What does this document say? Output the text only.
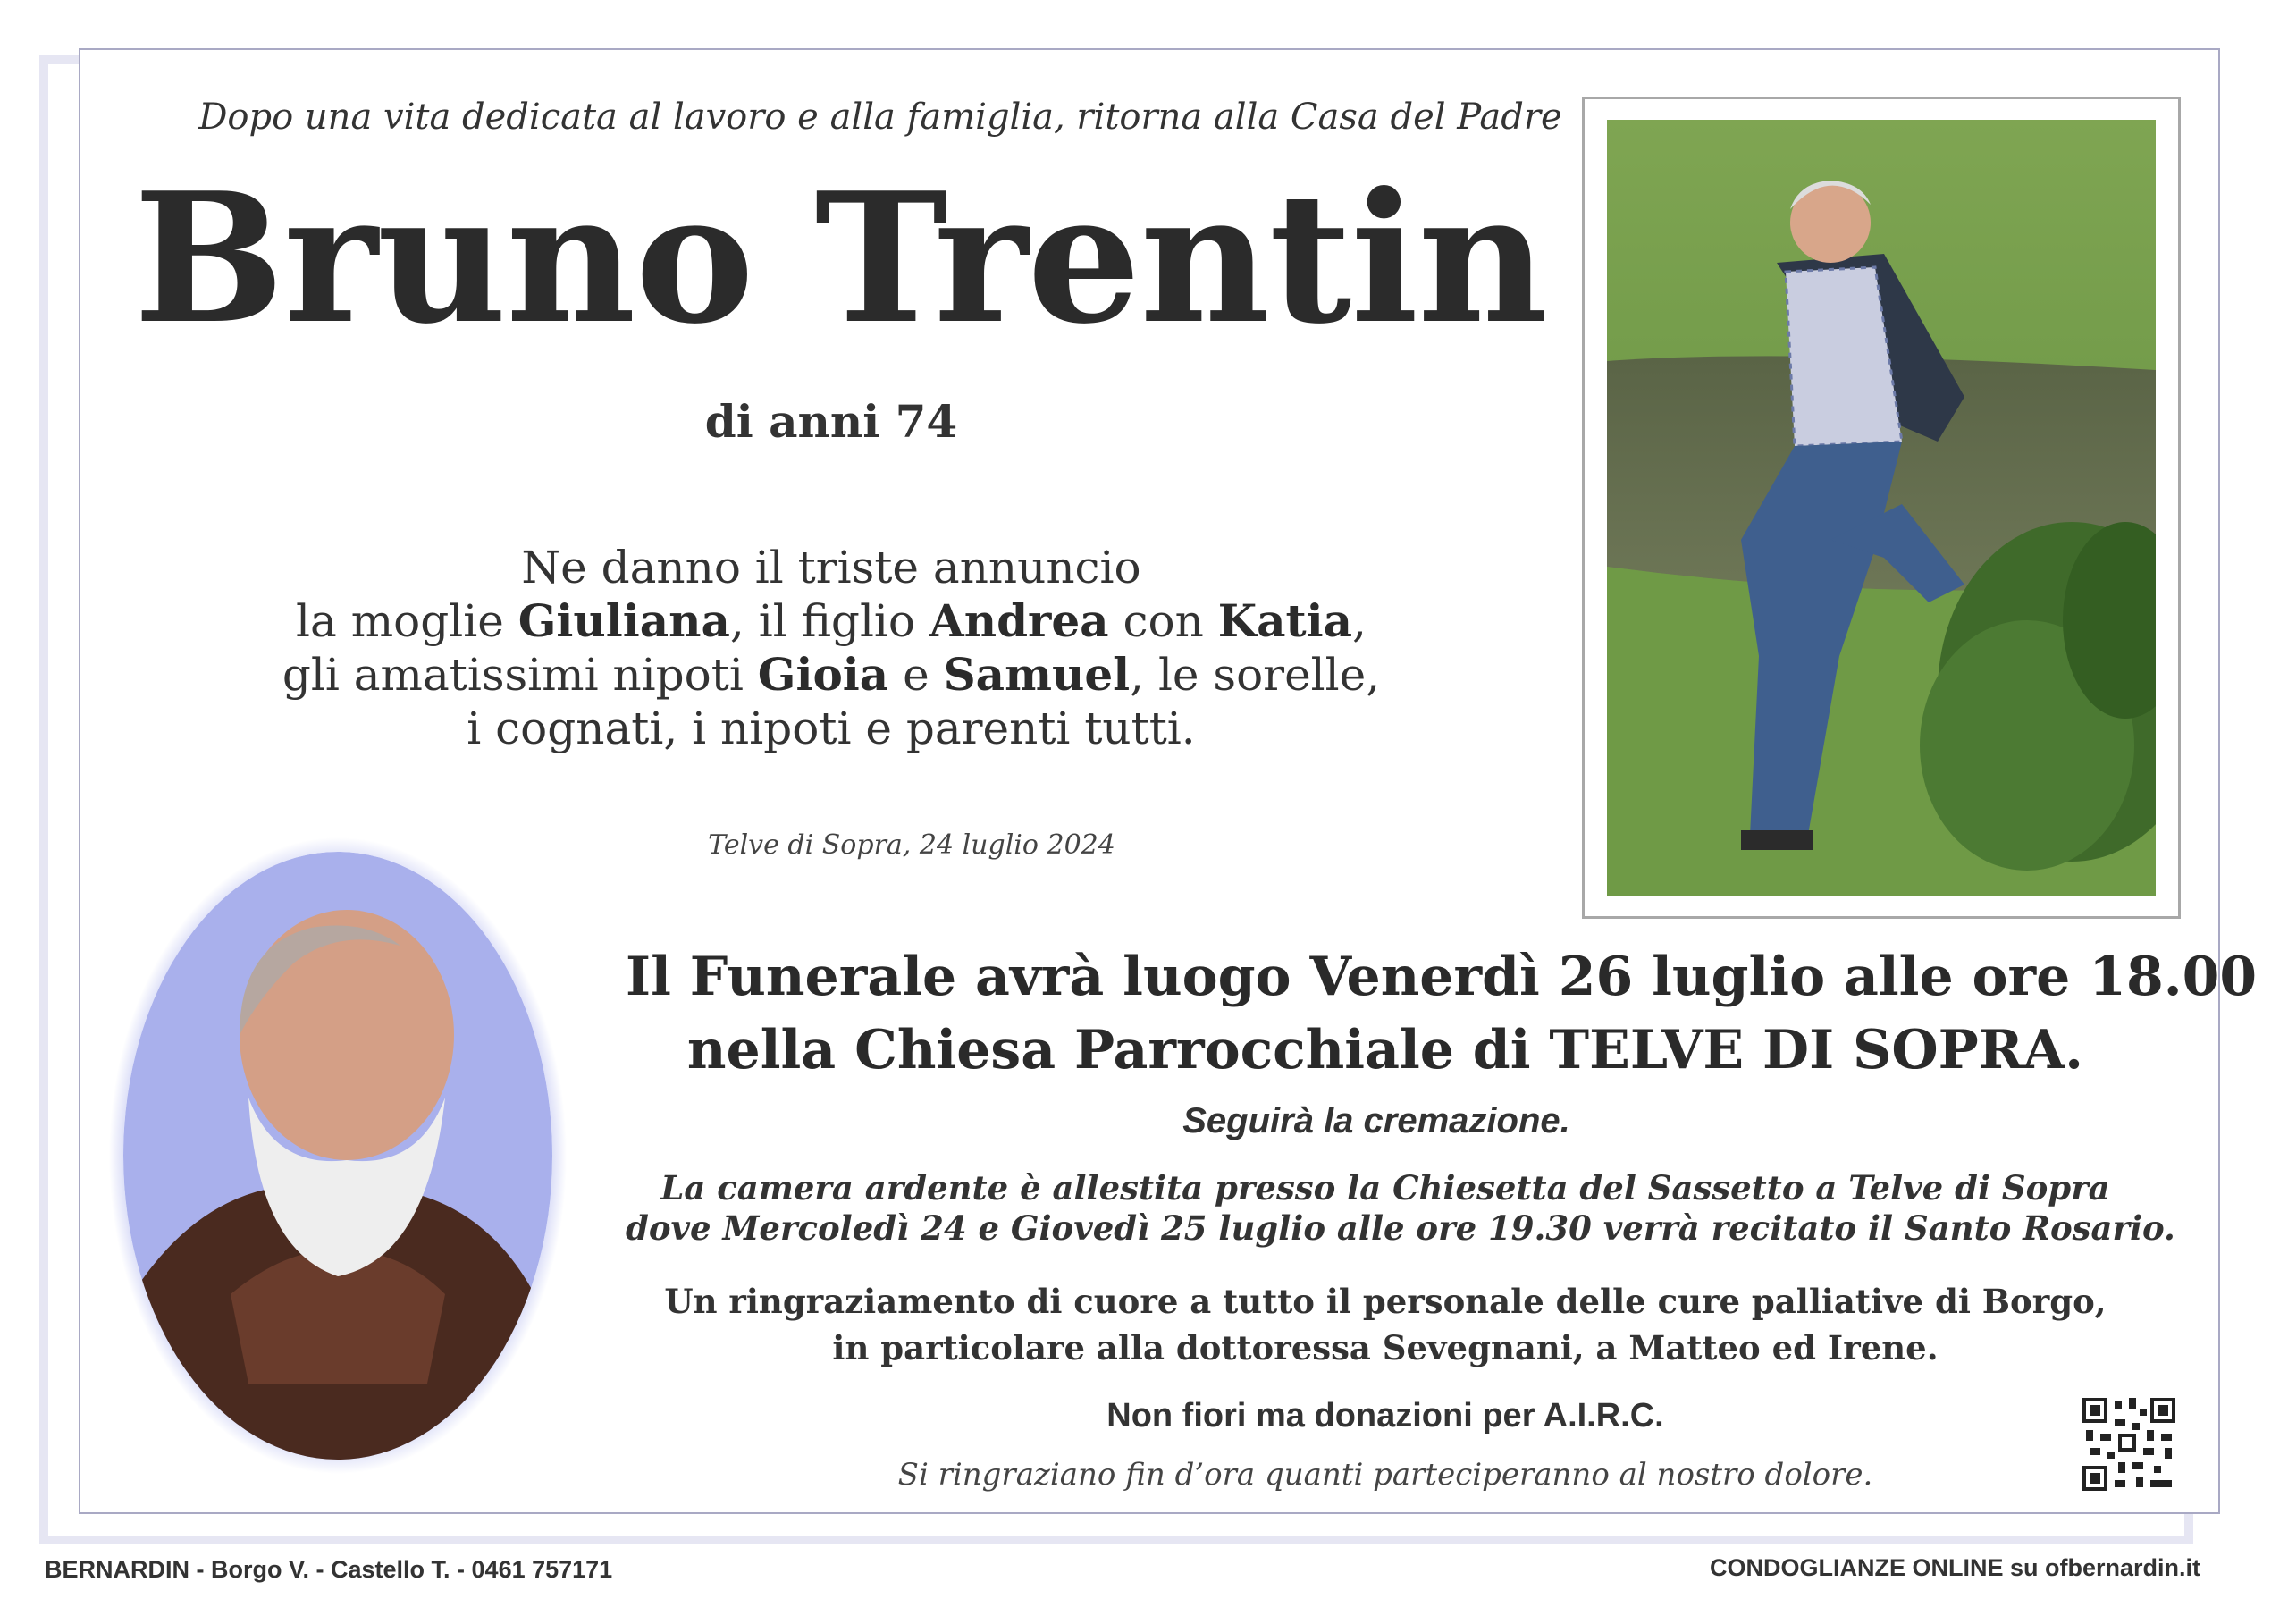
Dopo una vita dedicata al lavoro e alla famiglia, ritorna alla Casa del Padre
Bruno Trentin
di anni 74
Ne danno il triste annuncio
la moglie Giuliana, il figlio Andrea con Katia,
gli amatissimi nipoti Gioia e Samuel, le sorelle,
i cognati, i nipoti e parenti tutti.
Telve di Sopra, 24 luglio 2024
Il Funerale avrà luogo Venerdì 26 luglio alle ore 18.00
nella Chiesa Parrocchiale di TELVE DI SOPRA.
Seguirà la cremazione.
La camera ardente è allestita presso la Chiesetta del Sassetto a Telve di Sopra
dove Mercoledì 24 e Giovedì 25 luglio alle ore 19.30 verrà recitato il Santo Rosario.
Un ringraziamento di cuore a tutto il personale delle cure palliative di Borgo,
in particolare alla dottoressa Sevegnani, a Matteo ed Irene.
Non fiori ma donazioni per A.I.R.C.
Si ringraziano fin d’ora quanti parteciperanno al nostro dolore.
BERNARDIN - Borgo V. - Castello T. - 0461 757171	CONDOGLIANZE ONLINE su ofbernardin.it
